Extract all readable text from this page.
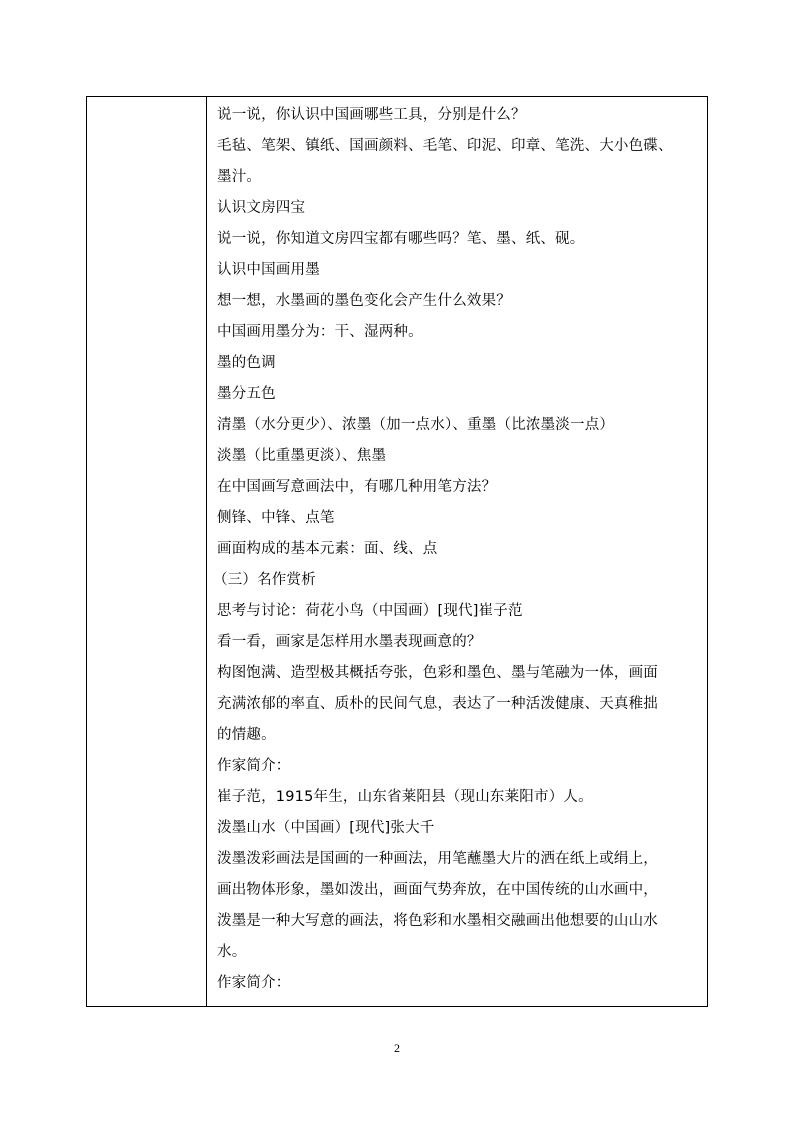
说一说，你认识中国画哪些工具，分别是什么？
毛毡、笔架、镇纸、国画颜料、毛笔、印泥、印章、笔洗、大小色碟、
墨汁。
认识文房四宝
说一说，你知道文房四宝都有哪些吗？笔、墨、纸、砚。
认识中国画用墨
想一想，水墨画的墨色变化会产生什么效果？
中国画用墨分为：干、湿两种。
墨的色调
墨分五色
清墨（水分更少）、浓墨（加一点水）、重墨（比浓墨淡一点）
淡墨（比重墨更淡）、焦墨
在中国画写意画法中，有哪几种用笔方法？
侧锋、中锋、点笔
画面构成的基本元素：面、线、点
（三）名作赏析
思考与讨论：荷花小鸟（中国画）[现代]崔子范
看一看，画家是怎样用水墨表现画意的？
构图饱满、造型极其概括夸张，色彩和墨色、墨与笔融为一体，画面
充满浓郁的率直、质朴的民间气息，表达了一种活泼健康、天真稚拙
的情趣。
作家简介：
崔子范，1915年生，山东省莱阳县（现山东莱阳市）人。
泼墨山水（中国画）[现代]张大千
泼墨泼彩画法是国画的一种画法，用笔蘸墨大片的洒在纸上或绢上，
画出物体形象，墨如泼出，画面气势奔放，在中国传统的山水画中，
泼墨是一种大写意的画法，将色彩和水墨相交融画出他想要的山山水
水。
作家简介：
2
